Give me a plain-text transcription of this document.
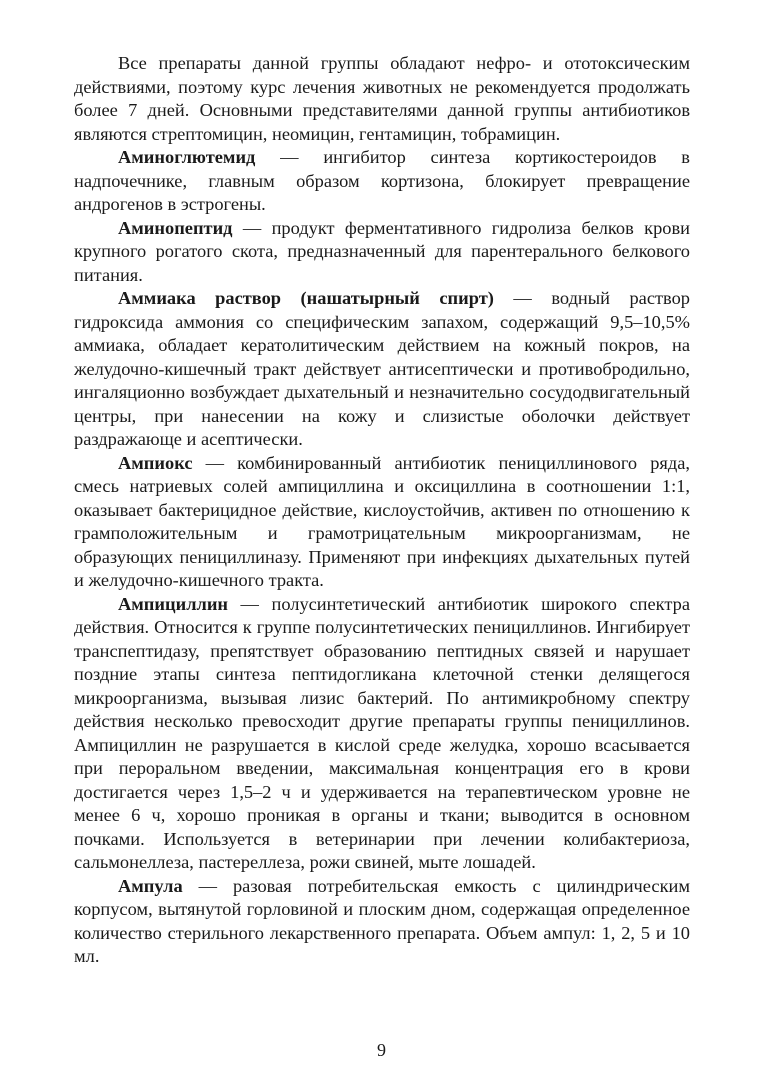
Все препараты данной группы обладают нефро- и ототоксическим действиями, поэтому курс лечения животных не рекомендуется продолжать более 7 дней. Основными представителями данной группы антибиотиков являются стрептомицин, неомицин, гентамицин, тобрамицин.

Аминоглютемид — ингибитор синтеза кортикостероидов в надпочечнике, главным образом кортизона, блокирует превращение андрогенов в эстрогены.

Аминопептид — продукт ферментативного гидролиза белков крови крупного рогатого скота, предназначенный для парентерального белкового питания.

Аммиака раствор (нашатырный спирт) — водный раствор гидроксида аммония со специфическим запахом, содержащий 9,5–10,5% аммиака, обладает кератолитическим действием на кожный покров, на желудочно-кишечный тракт действует антисептически и противобродильно, ингаляционно возбуждает дыхательный и незначительно сосудодвигательный центры, при нанесении на кожу и слизистые оболочки действует раздражающе и асептически.

Ампиокс — комбинированный антибиотик пенициллинового ряда, смесь натриевых солей ампициллина и оксициллина в соотношении 1:1, оказывает бактерицидное действие, кислоустойчив, активен по отношению к грамположительным и грамотрицательным микроорганизмам, не образующих пенициллиназу. Применяют при инфекциях дыхательных путей и желудочно-кишечного тракта.

Ампициллин — полусинтетический антибиотик широкого спектра действия. Относится к группе полусинтетических пенициллинов. Ингибирует транспептидазу, препятствует образованию пептидных связей и нарушает поздние этапы синтеза пептидогликана клеточной стенки делящегося микроорганизма, вызывая лизис бактерий. По антимикробному спектру действия несколько превосходит другие препараты группы пенициллинов. Ампициллин не разрушается в кислой среде желудка, хорошо всасывается при пероральном введении, максимальная концентрация его в крови достигается через 1,5–2 ч и удерживается на терапевтическом уровне не менее 6 ч, хорошо проникая в органы и ткани; выводится в основном почками. Используется в ветеринарии при лечении колибактериоза, сальмонеллеза, пастереллеза, рожи свиней, мыте лошадей.

Ампула — разовая потребительская емкость с цилиндрическим корпусом, вытянутой горловиной и плоским дном, содержащая определенное количество стерильного лекарственного препарата. Объем ампул: 1, 2, 5 и 10 мл.

9
